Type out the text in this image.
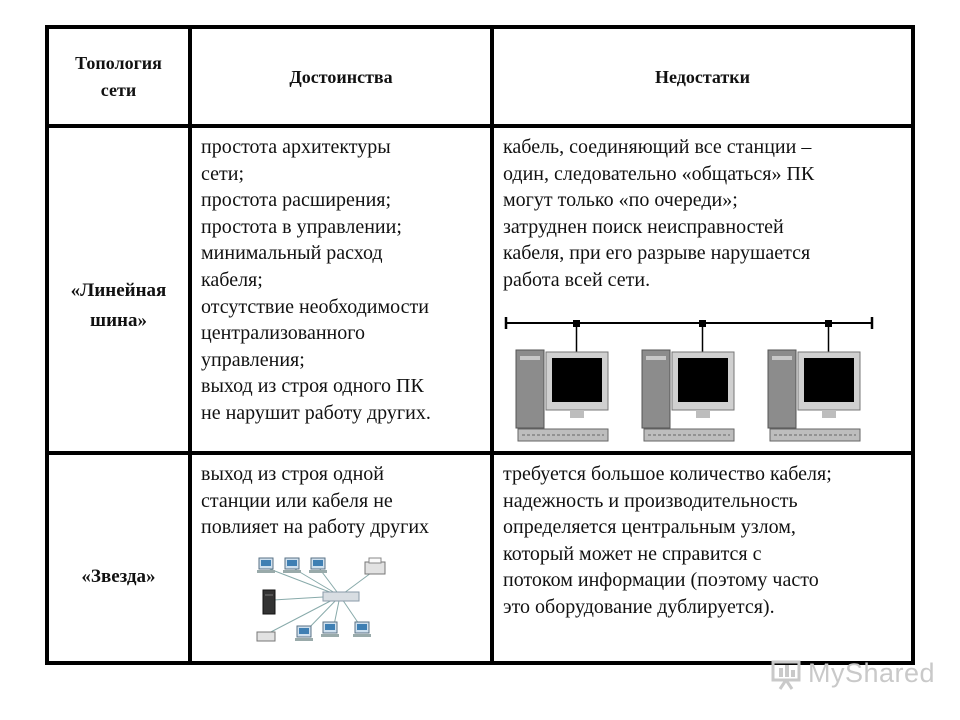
Топология
сети
Достоинства	Недостатки
«Линейная
шина»
простота архитектуры
сети;
простота расширения;
простота в управлении;
минимальный расход
кабеля;
отсутствие необходимости
централизованного
управления;
выход из строя одного ПК
не нарушит работу других.
кабель, соединяющий все станции –
один, следовательно «общаться» ПК
могут только «по очереди»;
затруднен поиск неисправностей
кабеля, при его разрыве нарушается
работа всей сети.
«Звезда»
выход из строя одной
станции или кабеля не
повлияет на работу других
требуется большое количество кабеля;
надежность и производительность
определяется центральным узлом,
который может не справится с
потоком информации (поэтому часто
это оборудование дублируется).
MyShared
